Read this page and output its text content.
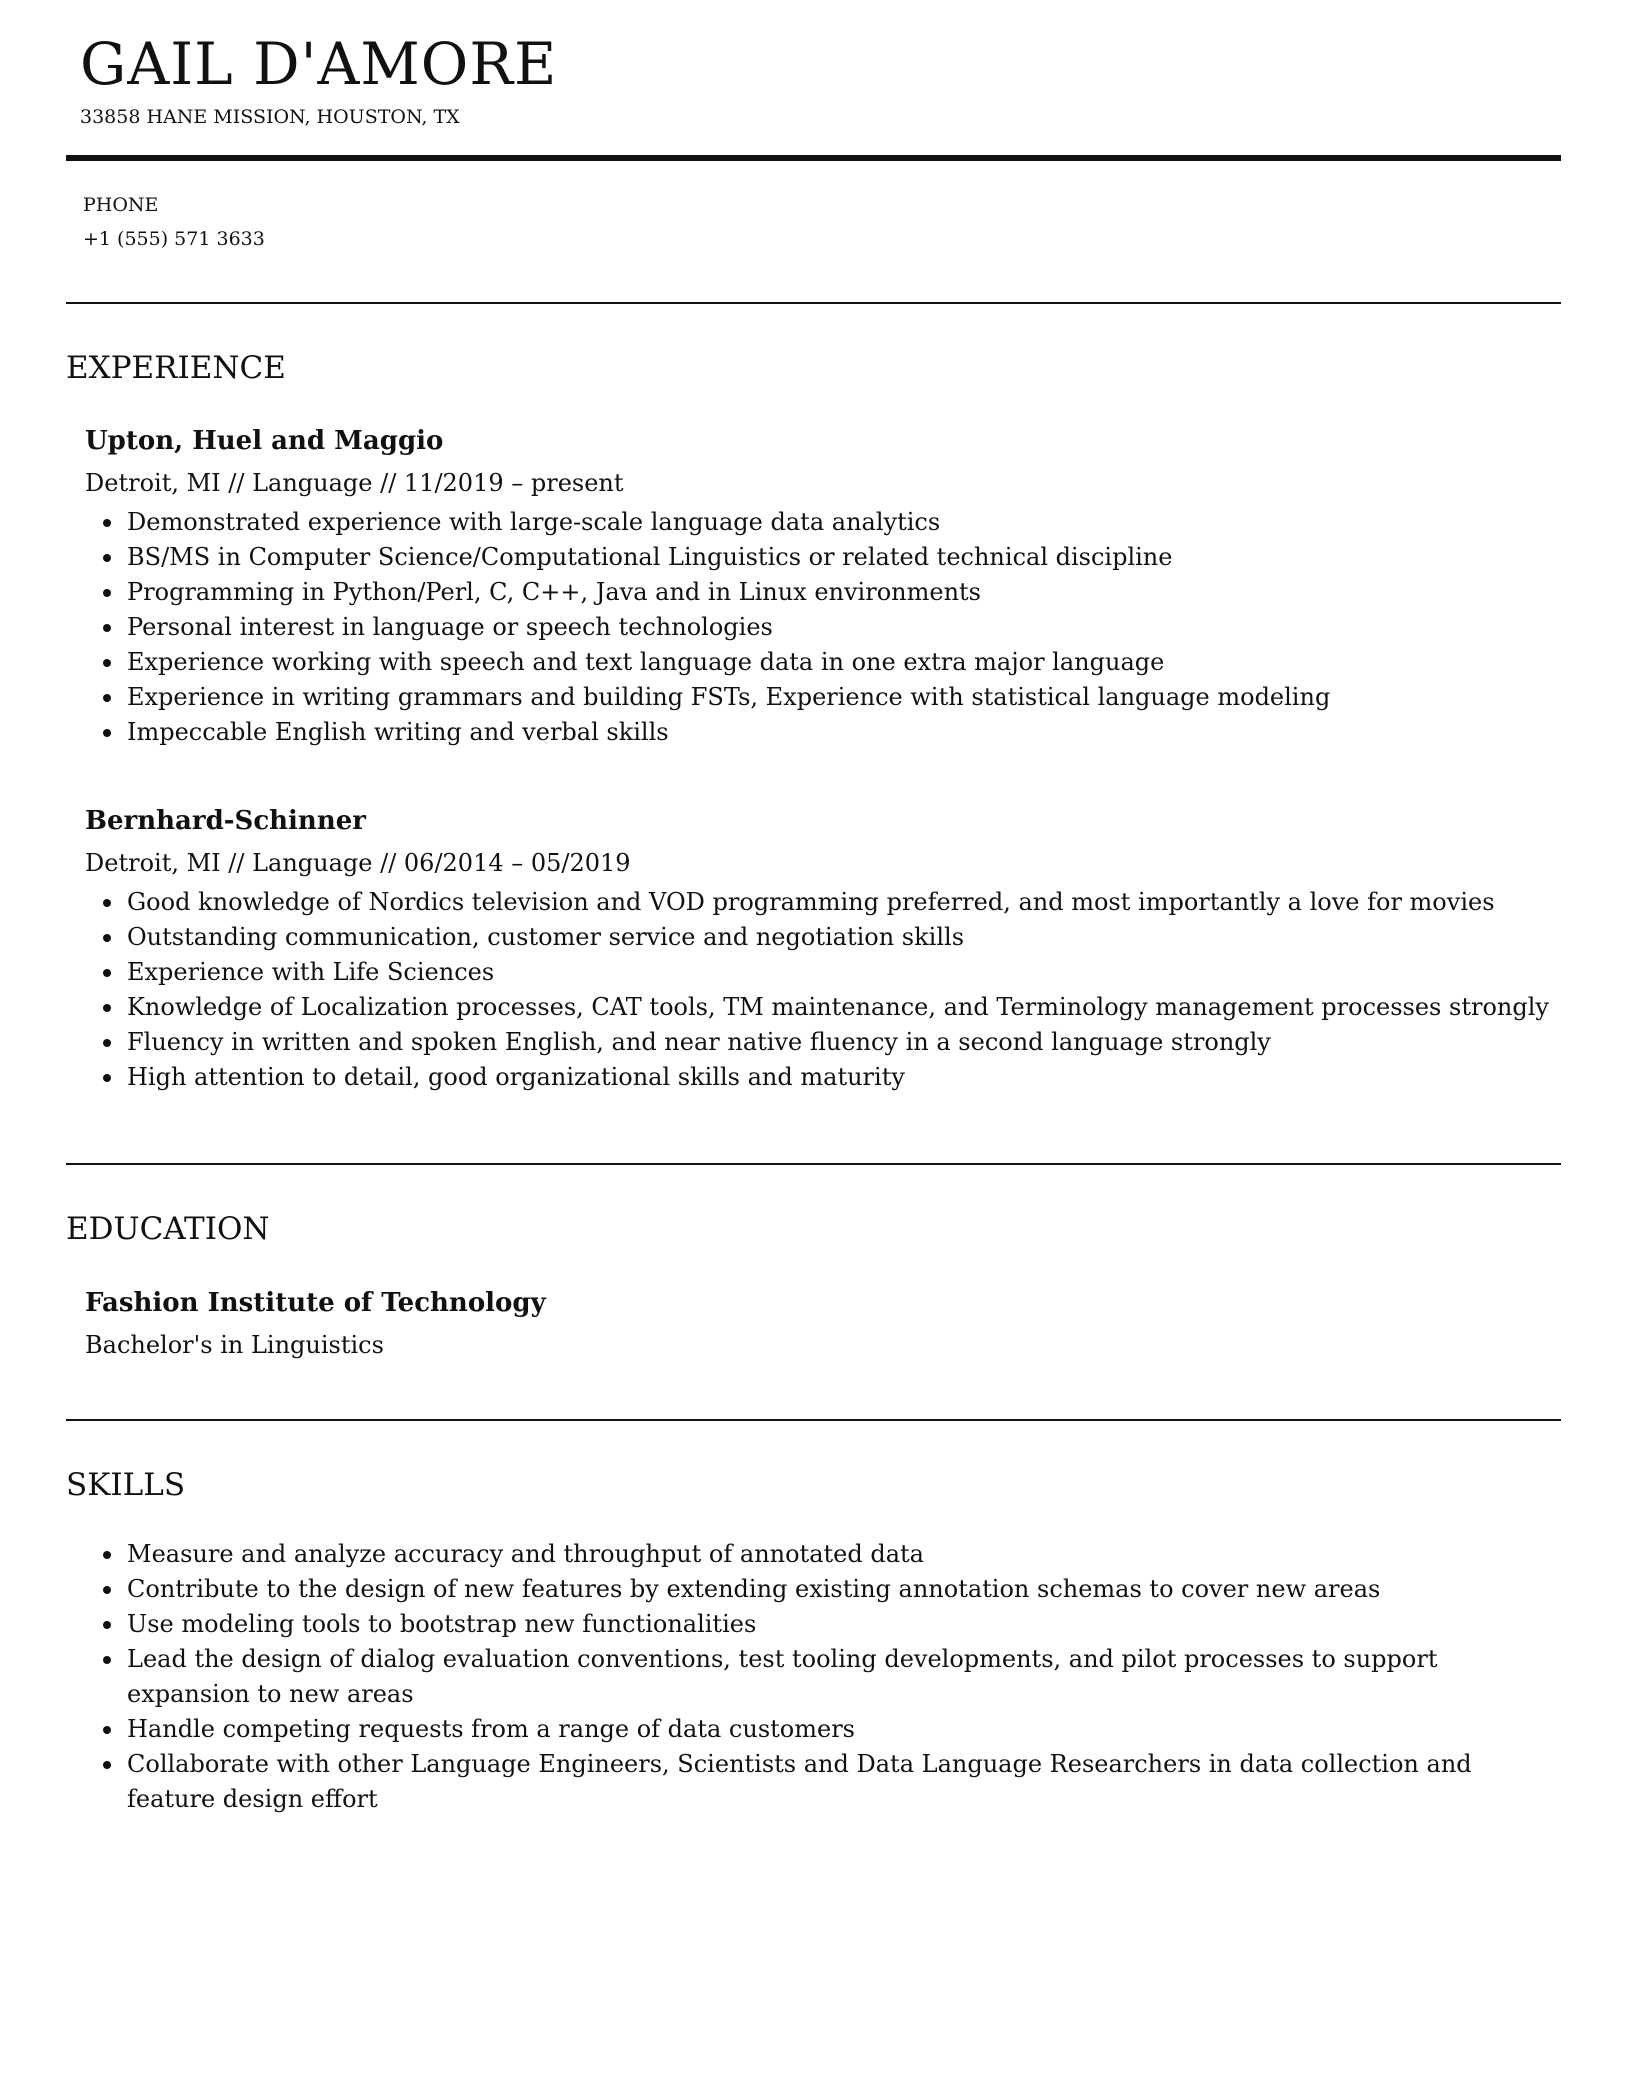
GAIL D'AMORE

33858 HANE MISSION, HOUSTON, TX

PHONE
+1 (555) 571 3633
EXPERIENCE

Upton, Huel and Maggio

Detroit, MI // Language // 11/2019 – present

Demonstrated experience with large-scale language data analytics
BS/MS in Computer Science/Computational Linguistics or related technical discipline
Programming in Python/Perl, C, C++, Java and in Linux environments
Personal interest in language or speech technologies
Experience working with speech and text language data in one extra major language
Experience in writing grammars and building FSTs, Experience with statistical language modeling
Impeccable English writing and verbal skills

Bernhard-Schinner

Detroit, MI // Language // 06/2014 – 05/2019

Good knowledge of Nordics television and VOD programming preferred, and most importantly a love for movies
Outstanding communication, customer service and negotiation skills
Experience with Life Sciences
Knowledge of Localization processes, CAT tools, TM maintenance, and Terminology management processes strongly
Fluency in written and spoken English, and near native fluency in a second language strongly
High attention to detail, good organizational skills and maturity
EDUCATION

Fashion Institute of Technology

Bachelor's in Linguistics

SKILLS
Measure and analyze accuracy and throughput of annotated data
Contribute to the design of new features by extending existing annotation schemas to cover new areas
Use modeling tools to bootstrap new functionalities
Lead the design of dialog evaluation conventions, test tooling developments, and pilot processes to support expansion to new areas
Handle competing requests from a range of data customers
Collaborate with other Language Engineers, Scientists and Data Language Researchers in data collection and feature design effort
